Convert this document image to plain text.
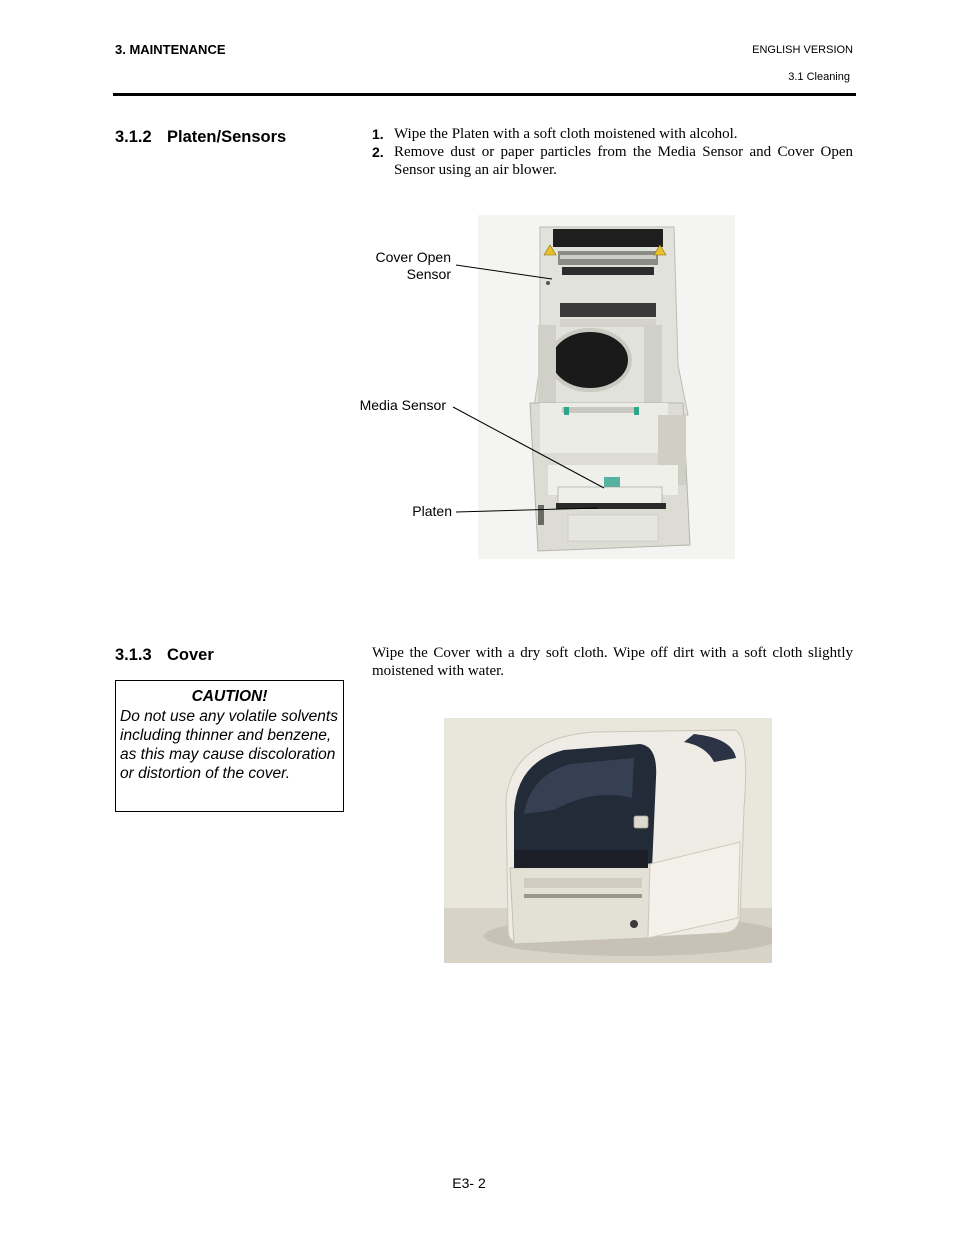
3. MAINTENANCE	ENGLISH VERSION
3.1 Cleaning
3.1.2 Platen/Sensors	1. Wipe the Platen with a soft cloth moistened with alcohol.
2. Remove dust or paper particles from the Media Sensor and Cover Open Sensor using an air blower.
Cover Open Sensor
Media Sensor
Platen
3.1.3 Cover	Wipe the Cover with a dry soft cloth. Wipe off dirt with a soft cloth slightly moistened with water.
CAUTION!
Do not use any volatile solvents including thinner and benzene, as this may cause discoloration or distortion of the cover.
E3- 2
